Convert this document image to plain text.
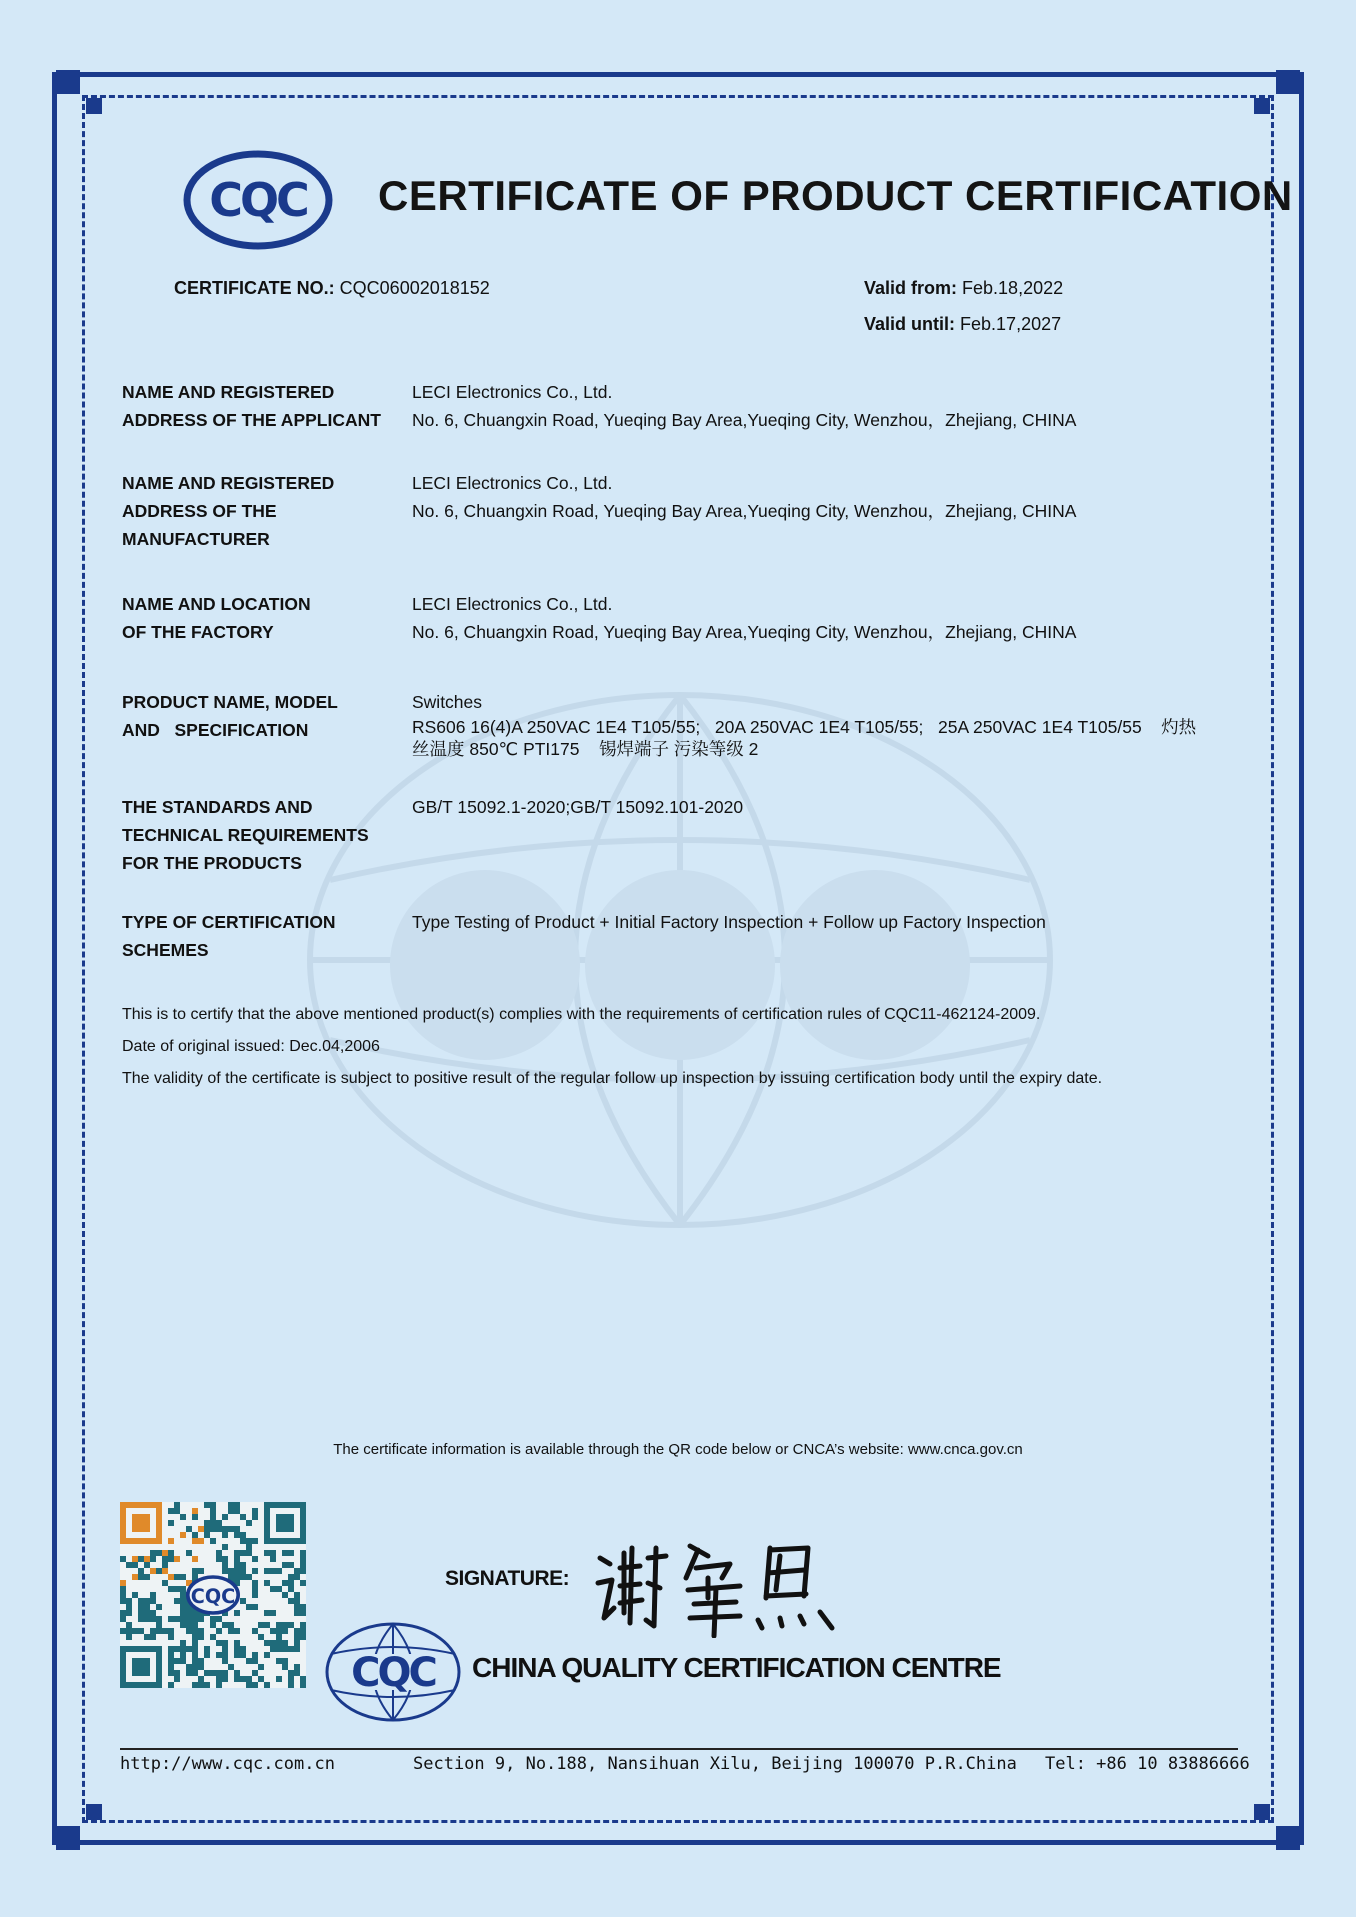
CQC CERTIFICATE OF PRODUCT CERTIFICATION
CERTIFICATE NO.: CQC06002018152	Valid from: Feb.18,2022
Valid until: Feb.17,2027
NAME AND REGISTERED
ADDRESS OF THE APPLICANT
LECI Electronics Co., Ltd.
No. 6, Chuangxin Road, Yueqing Bay Area,Yueqing City, Wenzhou，Zhejiang, CHINA
NAME AND REGISTERED
ADDRESS OF THE
MANUFACTURER
LECI Electronics Co., Ltd.
No. 6, Chuangxin Road, Yueqing Bay Area,Yueqing City, Wenzhou，Zhejiang, CHINA
NAME AND LOCATION
OF THE FACTORY
LECI Electronics Co., Ltd.
No. 6, Chuangxin Road, Yueqing Bay Area,Yueqing City, Wenzhou，Zhejiang, CHINA
PRODUCT NAME, MODEL
AND   SPECIFICATION
Switches
RS606 16(4)A 250VAC 1E4 T105/55;   20A 250VAC 1E4 T105/55;   25A 250VAC 1E4 T105/55    灼热
丝温度 850℃ PTI175    锡焊端子 污染等级 2
THE STANDARDS AND
TECHNICAL REQUIREMENTS
FOR THE PRODUCTS
GB/T 15092.1-2020;GB/T 15092.101-2020
TYPE OF CERTIFICATION
SCHEMES
Type Testing of Product + Initial Factory Inspection + Follow up Factory Inspection
This is to certify that the above mentioned product(s) complies with the requirements of certification rules of CQC11-462124-2009.
Date of original issued: Dec.04,2006
The validity of the certificate is subject to positive result of the regular follow up inspection by issuing certification body until the expiry date.
The certificate information is available through the QR code below or CNCA’s website: www.cnca.gov.cn
CQC
SIGNATURE:
CQC CHINA QUALITY CERTIFICATION CENTRE
http://www.cqc.com.cn	Section 9, No.188, Nansihuan Xilu, Beijing 100070 P.R.China Tel: +86 10 83886666
